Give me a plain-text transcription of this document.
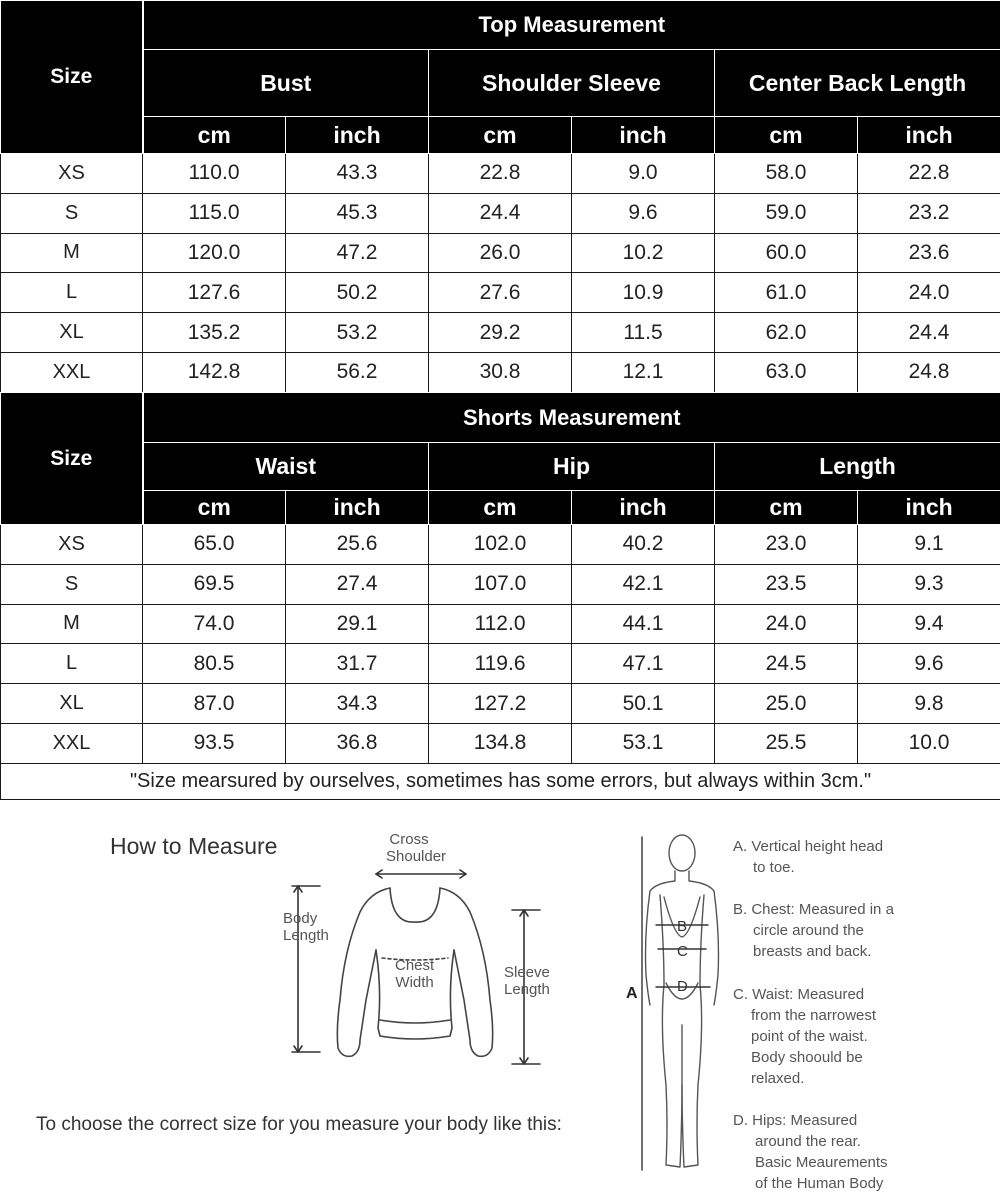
Size	Top Measurement					
	Bust		Shoulder Sleeve		Center Back Length	
	cm	inch	cm	inch	cm	inch
XS	110.0	43.3	22.8	9.0	58.0	22.8
S	115.0	45.3	24.4	9.6	59.0	23.2
M	120.0	47.2	26.0	10.2	60.0	23.6
L	127.6	50.2	27.6	10.9	61.0	24.0
XL	135.2	53.2	29.2	11.5	62.0	24.4
XXL	142.8	56.2	30.8	12.1	63.0	24.8
Size	Shorts Measurement					
	Waist		Hip		Length	
	cm	inch	cm	inch	cm	inch
XS	65.0	25.6	102.0	40.2	23.0	9.1
S	69.5	27.4	107.0	42.1	23.5	9.3
M	74.0	29.1	112.0	44.1	24.0	9.4
L	80.5	31.7	119.6	47.1	24.5	9.6
XL	87.0	34.3	127.2	50.1	25.0	9.8
XXL	93.5	36.8	134.8	53.1	25.5	10.0
"Size mearsured by ourselves, sometimes has some errors, but always within 3cm."						
How to Measure	Cross
Shoulder
Body
Length
Chest
Width
Sleeve
Length
To choose the correct size for you measure your body like this:
A
B
C
D
A. Vertical height head
to toe.
B. Chest: Measured in a
circle around the
breasts and back.
C. Waist: Measured
from the narrowest
point of the waist.
Body shoould be
relaxed.
D. Hips: Measured
around the rear.
Basic Meaurements
of the Human Body
